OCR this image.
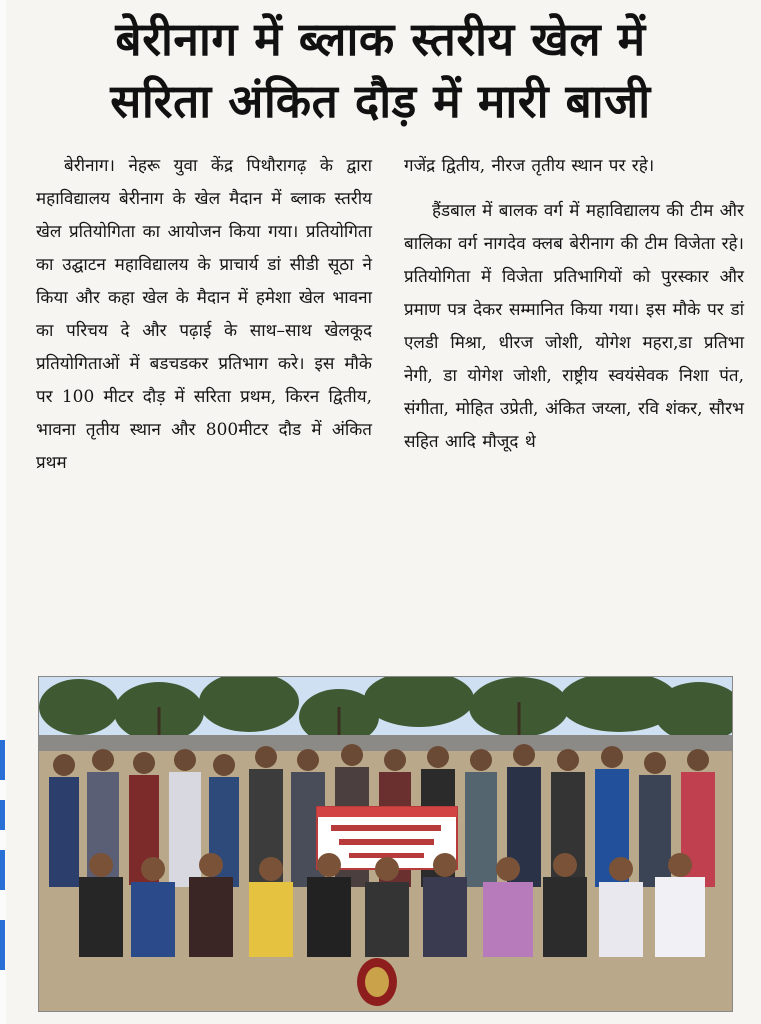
बेरीनाग में ब्लाक स्तरीय खेल में
सरिता अंकित दौड़ में मारी बाजी

बेरीनाग। नेहरू युवा केंद्र पिथौरागढ़ के द्वारा महाविद्यालय बेरीनाग के खेल मैदान में ब्लाक स्तरीय खेल प्रतियोगिता का आयोजन किया गया। प्रतियोगिता का उद्घाटन महाविद्यालय के प्राचार्य डां सीडी सूठा ने किया और कहा खेल के मैदान में हमेशा खेल भावना का परिचय दे और पढ़ाई के साथ–साथ खेलकूद प्रतियोगिताओं में बडचडकर प्रतिभाग करे। इस मौके पर 100 मीटर दौड़ में सरिता प्रथम, किरन द्वितीय, भावना तृतीय स्थान और 800मीटर दौड में अंकित प्रथम

गजेंद्र द्वितीय, नीरज तृतीय स्थान पर रहे।

हैंडबाल में बालक वर्ग में महाविद्यालय की टीम और बालिका वर्ग नागदेव क्लब बेरीनाग की टीम विजेता रहे। प्रतियोगिता में विजेता प्रतिभागियों को पुरस्कार और प्रमाण पत्र देकर सम्मानित किया गया। इस मौके पर डां एलडी मिश्रा, धीरज जोशी, योगेश महरा,डा प्रतिभा नेगी, डा योगेश जोशी, राष्ट्रीय स्वयंसेवक निशा पंत, संगीता, मोहित उप्रेती, अंकित जय्ला, रवि शंकर, सौरभ सहित आदि मौजूद थे
